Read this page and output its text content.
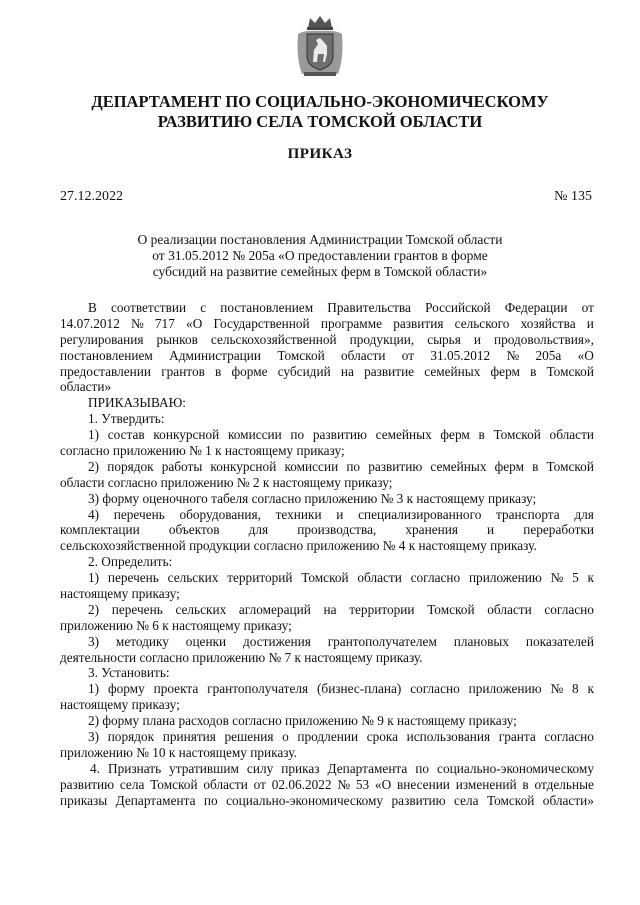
ДЕПАРТАМЕНТ ПО СОЦИАЛЬНО-ЭКОНОМИЧЕСКОМУ
РАЗВИТИЮ СЕЛА ТОМСКОЙ ОБЛАСТИ
ПРИКАЗ
27.12.2022	№ 135
О реализации постановления Администрации Томской области
от 31.05.2012 № 205а «О предоставлении грантов в форме
субсидий на развитие семейных ферм в Томской области»
В соответствии с постановлением Правительства Российской Федерации от
14.07.2012 № 717 «О Государственной программе развития сельского хозяйства и
регулирования рынков сельскохозяйственной продукции, сырья и продовольствия»,
постановлением Администрации Томской области от 31.05.2012 № 205а «О
предоставлении грантов в форме субсидий на развитие семейных ферм в Томской
области»
ПРИКАЗЫВАЮ:
1. Утвердить:
1) состав конкурсной комиссии по развитию семейных ферм в Томской области
согласно приложению № 1 к настоящему приказу;
2) порядок работы конкурсной комиссии по развитию семейных ферм в Томской
области согласно приложению № 2 к настоящему приказу;
3) форму оценочного табеля согласно приложению № 3 к настоящему приказу;
4) перечень оборудования, техники и специализированного транспорта для
комплектации объектов для производства, хранения и переработки
сельскохозяйственной продукции согласно приложению № 4 к настоящему приказу.
2. Определить:
1) перечень сельских территорий Томской области согласно приложению № 5 к
настоящему приказу;
2) перечень сельских агломераций на территории Томской области согласно
приложению № 6 к настоящему приказу;
3) методику оценки достижения грантополучателем плановых показателей
деятельности согласно приложению № 7 к настоящему приказу.
3. Установить:
1) форму проекта грантополучателя (бизнес-плана) согласно приложению № 8 к
настоящему приказу;
2) форму плана расходов согласно приложению № 9 к настоящему приказу;
3) порядок принятия решения о продлении срока использования гранта согласно
приложению № 10 к настоящему приказу.
4. Признать утратившим силу приказ Департамента по социально-экономическому
развитию села Томской области от 02.06.2022 № 53 «О внесении изменений в отдельные
приказы Департамента по социально-экономическому развитию села Томской области»
